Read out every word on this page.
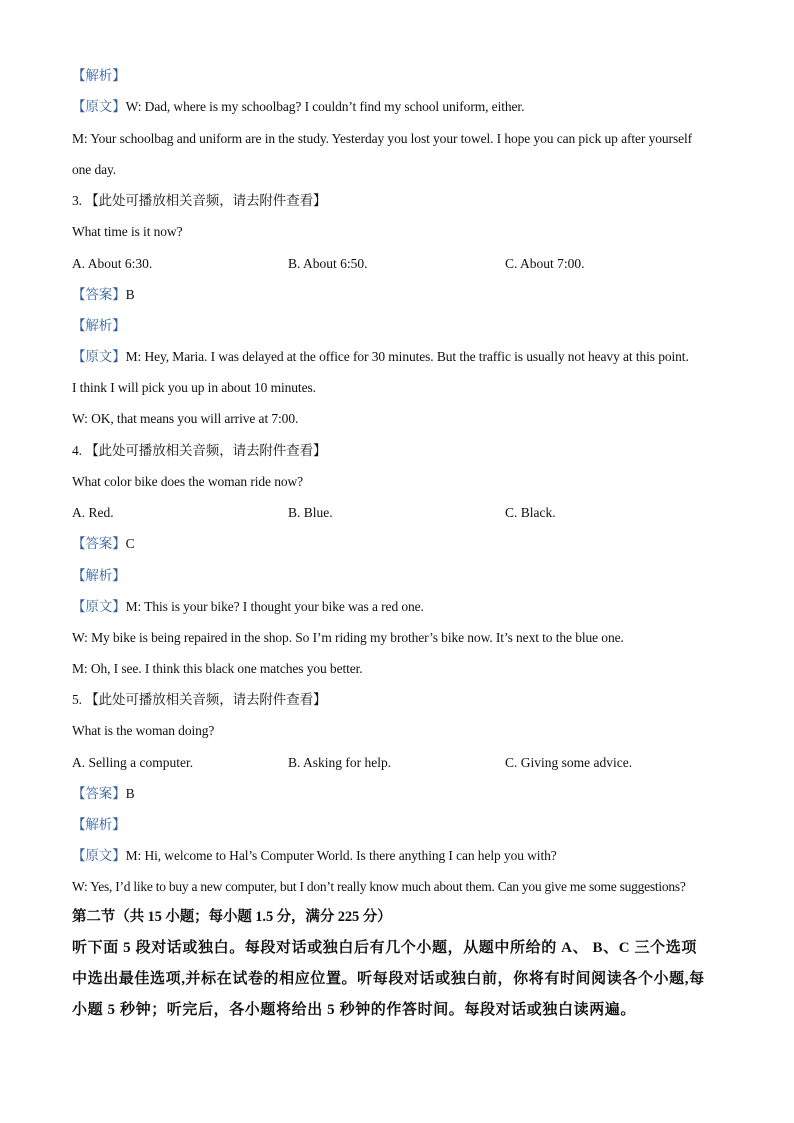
【解析】
【原文】W: Dad, where is my schoolbag? I couldn’t find my school uniform, either.
M: Your schoolbag and uniform are in the study. Yesterday you lost your towel. I hope you can pick up after yourself
one day.
3. 【此处可播放相关音频，请去附件查看】
What time is it now?
A. About 6:30.	B. About 6:50.	C. About 7:00.
【答案】B
【解析】
【原文】M: Hey, Maria. I was delayed at the office for 30 minutes. But the traffic is usually not heavy at this point.
I think I will pick you up in about 10 minutes.
W: OK, that means you will arrive at 7:00.
4. 【此处可播放相关音频，请去附件查看】
What color bike does the woman ride now?
A. Red.	B. Blue.	C. Black.
【答案】C
【解析】
【原文】M: This is your bike? I thought your bike was a red one.
W: My bike is being repaired in the shop. So I’m riding my brother’s bike now. It’s next to the blue one.
M: Oh, I see. I think this black one matches you better.
5. 【此处可播放相关音频，请去附件查看】
What is the woman doing?
A. Selling a computer.	B. Asking for help.	C. Giving some advice.
【答案】B
【解析】
【原文】M: Hi, welcome to Hal’s Computer World. Is there anything I can help you with?
W: Yes, I’d like to buy a new computer, but I don’t really know much about them. Can you give me some suggestions?
第二节（共 15 小题；每小题 1.5 分，满分 225 分）
听下面 5 段对话或独白。每段对话或独白后有几个小题，从题中所给的 A、 B、C 三个选项
中选出最佳选项,并标在试卷的相应位置。听每段对话或独白前，你将有时间阅读各个小题,每
小题 5 秒钟；听完后，各小题将给出 5 秒钟的作答时间。每段对话或独白读两遍。
